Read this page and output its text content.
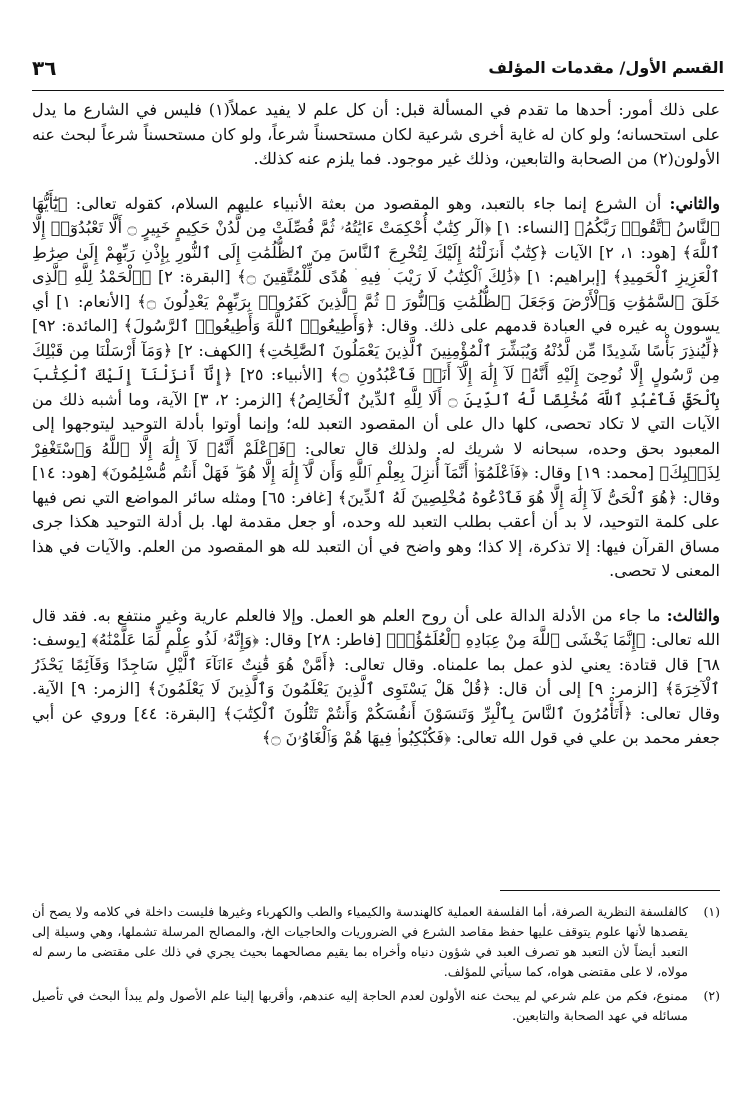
القسم الأول/ مقدمات المؤلف
٣٦

على ذلك أمور: أحدها ما تقدم في المسألة قبل: أن كل علم لا يفيد عملاً(١) فليس في الشارع ما يدل على استحسانه؛ ولو كان له غاية أخرى شرعية لكان مستحسناً شرعاً، ولو كان مستحسناً شرعاً لبحث عنه الأولون(٢) من الصحابة والتابعين، وذلك غير موجود. فما يلزم عنه كذلك.

والثاني: أن الشرع إنما جاء بالتعبد، وهو المقصود من بعثة الأنبياء عليهم السلام، كقوله تعالى: ﴿يَٰٓأَيُّهَا ٱلنَّاسُ ٱتَّقُوا۟ رَبَّكُمُ﴾ [النساء: ١] ﴿الٓر كِتَٰبٌ أُحْكِمَتْ ءَايَٰتُهُۥ ثُمَّ فُصِّلَتْ مِن لَّدُنْ حَكِيمٍ خَبِيرٍ ۝ أَلَّا تَعْبُدُوٓا۟ إِلَّا ٱللَّهَ﴾ [هود: ١، ٢] الآيات ﴿كِتَٰبٌ أَنزَلْنَٰهُ إِلَيْكَ لِتُخْرِجَ ٱلنَّاسَ مِنَ ٱلظُّلُمَٰتِ إِلَى ٱلنُّورِ بِإِذْنِ رَبِّهِمْ إِلَىٰ صِرَٰطِ ٱلْعَزِيزِ ٱلْحَمِيدِ﴾ [إبراهيم: ١] ﴿ذَٰلِكَ ٱلْكِتَٰبُ لَا رَيْبَ ۛ فِيهِ ۛ هُدًى لِّلْمُتَّقِينَ ۝﴾ [البقرة: ٢] ﴿ٱلْحَمْدُ لِلَّهِ ٱلَّذِى خَلَقَ ٱلسَّمَٰوَٰتِ وَٱلْأَرْضَ وَجَعَلَ ٱلظُّلُمَٰتِ وَٱلنُّورَ ۖ ثُمَّ ٱلَّذِينَ كَفَرُوا۟ بِرَبِّهِمْ يَعْدِلُونَ ۝﴾ [الأنعام: ١] أي يسوون به غيره في العبادة قدمهم على ذلك. وقال: ﴿وَأَطِيعُوا۟ ٱللَّهَ وَأَطِيعُوا۟ ٱلرَّسُولَ﴾ [المائدة: ٩٢] ﴿لِّيُنذِرَ بَأْسًا شَدِيدًا مِّن لَّدُنْهُ وَيُبَشِّرَ ٱلْمُؤْمِنِينَ ٱلَّذِينَ يَعْمَلُونَ ٱلصَّٰلِحَٰتِ﴾ [الكهف: ٢] ﴿وَمَآ أَرْسَلْنَا مِن قَبْلِكَ مِن رَّسُولٍ إِلَّا نُوحِىٓ إِلَيْهِ أَنَّهُۥ لَآ إِلَٰهَ إِلَّآ أَنَا۠ فَٱعْبُدُونِ ۝﴾ [الأنبياء: ٢٥] ﴿إِنَّآ أَنزَلْنَآ إِلَيْكَ ٱلْكِتَٰبَ بِٱلْحَقِّ فَٱعْبُدِ ٱللَّهَ مُخْلِصًا لَّهُ ٱلدِّينَ ۝ أَلَا لِلَّهِ ٱلدِّينُ ٱلْخَالِصُ﴾ [الزمر: ٢، ٣] الآية، وما أشبه ذلك من الآيات التي لا تكاد تحصى، كلها دال على أن المقصود التعبد لله؛ وإنما أوتوا بأدلة التوحيد ليتوجهوا إلى المعبود بحق وحده، سبحانه لا شريك له. ولذلك قال تعالى: ﴿فَٱعْلَمْ أَنَّهُۥ لَآ إِلَٰهَ إِلَّا ٱللَّهُ وَٱسْتَغْفِرْ لِذَنۢبِكَ﴾ [محمد: ١٩] وقال: ﴿فَٱعْلَمُوٓا۟ أَنَّمَآ أُنزِلَ بِعِلْمِ ٱللَّهِ وَأَن لَّآ إِلَٰهَ إِلَّا هُوَ ۖ فَهَلْ أَنتُم مُّسْلِمُونَ﴾ [هود: ١٤] وقال: ﴿هُوَ ٱلْحَىُّ لَآ إِلَٰهَ إِلَّا هُوَ فَٱدْعُوهُ مُخْلِصِينَ لَهُ ٱلدِّينَ﴾ [غافر: ٦٥] ومثله سائر المواضع التي نص فيها على كلمة التوحيد، لا بد أن أعقب بطلب التعبد لله وحده، أو جعل مقدمة لها. بل أدلة التوحيد هكذا جرى مساق القرآن فيها: إلا تذكرة، إلا كذا؛ وهو واضح في أن التعبد لله هو المقصود من العلم. والآيات في هذا المعنى لا تحصى.

والثالث: ما جاء من الأدلة الدالة على أن روح العلم هو العمل. وإلا فالعلم عارية وغير منتفع به. فقد قال الله تعالى: ﴿إِنَّمَا يَخْشَى ٱللَّهَ مِنْ عِبَادِهِ ٱلْعُلَمَٰٓؤُا۟﴾ [فاطر: ٢٨] وقال: ﴿وَإِنَّهُۥ لَذُو عِلْمٍ لِّمَا عَلَّمْنَٰهُ﴾ [يوسف: ٦٨] قال قتادة: يعني لذو عمل بما علمناه. وقال تعالى: ﴿أَمَّنْ هُوَ قَٰنِتٌ ءَانَآءَ ٱلَّيْلِ سَاجِدًا وَقَآئِمًا يَحْذَرُ ٱلْآخِرَةَ﴾ [الزمر: ٩] إلى أن قال: ﴿قُلْ هَلْ يَسْتَوِى ٱلَّذِينَ يَعْلَمُونَ وَٱلَّذِينَ لَا يَعْلَمُونَ﴾ [الزمر: ٩] الآية. وقال تعالى: ﴿أَتَأْمُرُونَ ٱلنَّاسَ بِٱلْبِرِّ وَتَنسَوْنَ أَنفُسَكُمْ وَأَنتُمْ تَتْلُونَ ٱلْكِتَٰبَ﴾ [البقرة: ٤٤] وروي عن أبي جعفر محمد بن علي في قول الله تعالى: ﴿فَكُبْكِبُوا۟ فِيهَا هُمْ وَٱلْغَاوُۥنَ ۝﴾

(١)
كالفلسفة النظرية الصرفة، أما الفلسفة العملية كالهندسة والكيمياء والطب والكهرباء وغيرها فليست داخلة في كلامه ولا يصح أن يقصدها لأنها علوم يتوقف عليها حفظ مقاصد الشرع في الضروريات والحاجيات الخ، والمصالح المرسلة تشملها، وهي وسيلة إلى التعبد أيضاً لأن التعبد هو تصرف العبد في شؤون دنياه وأخراه بما يقيم مصالحهما بحيث يجري في ذلك على مقتضى ما رسم له مولاه، لا على مقتضى هواه، كما سيأتي للمؤلف.
(٢)
ممنوع، فكم من علم شرعي لم يبحث عنه الأولون لعدم الحاجة إليه عندهم، وأقربها إلينا علم الأصول ولم يبدأ البحث في تأصيل مسائله في عهد الصحابة والتابعين.
